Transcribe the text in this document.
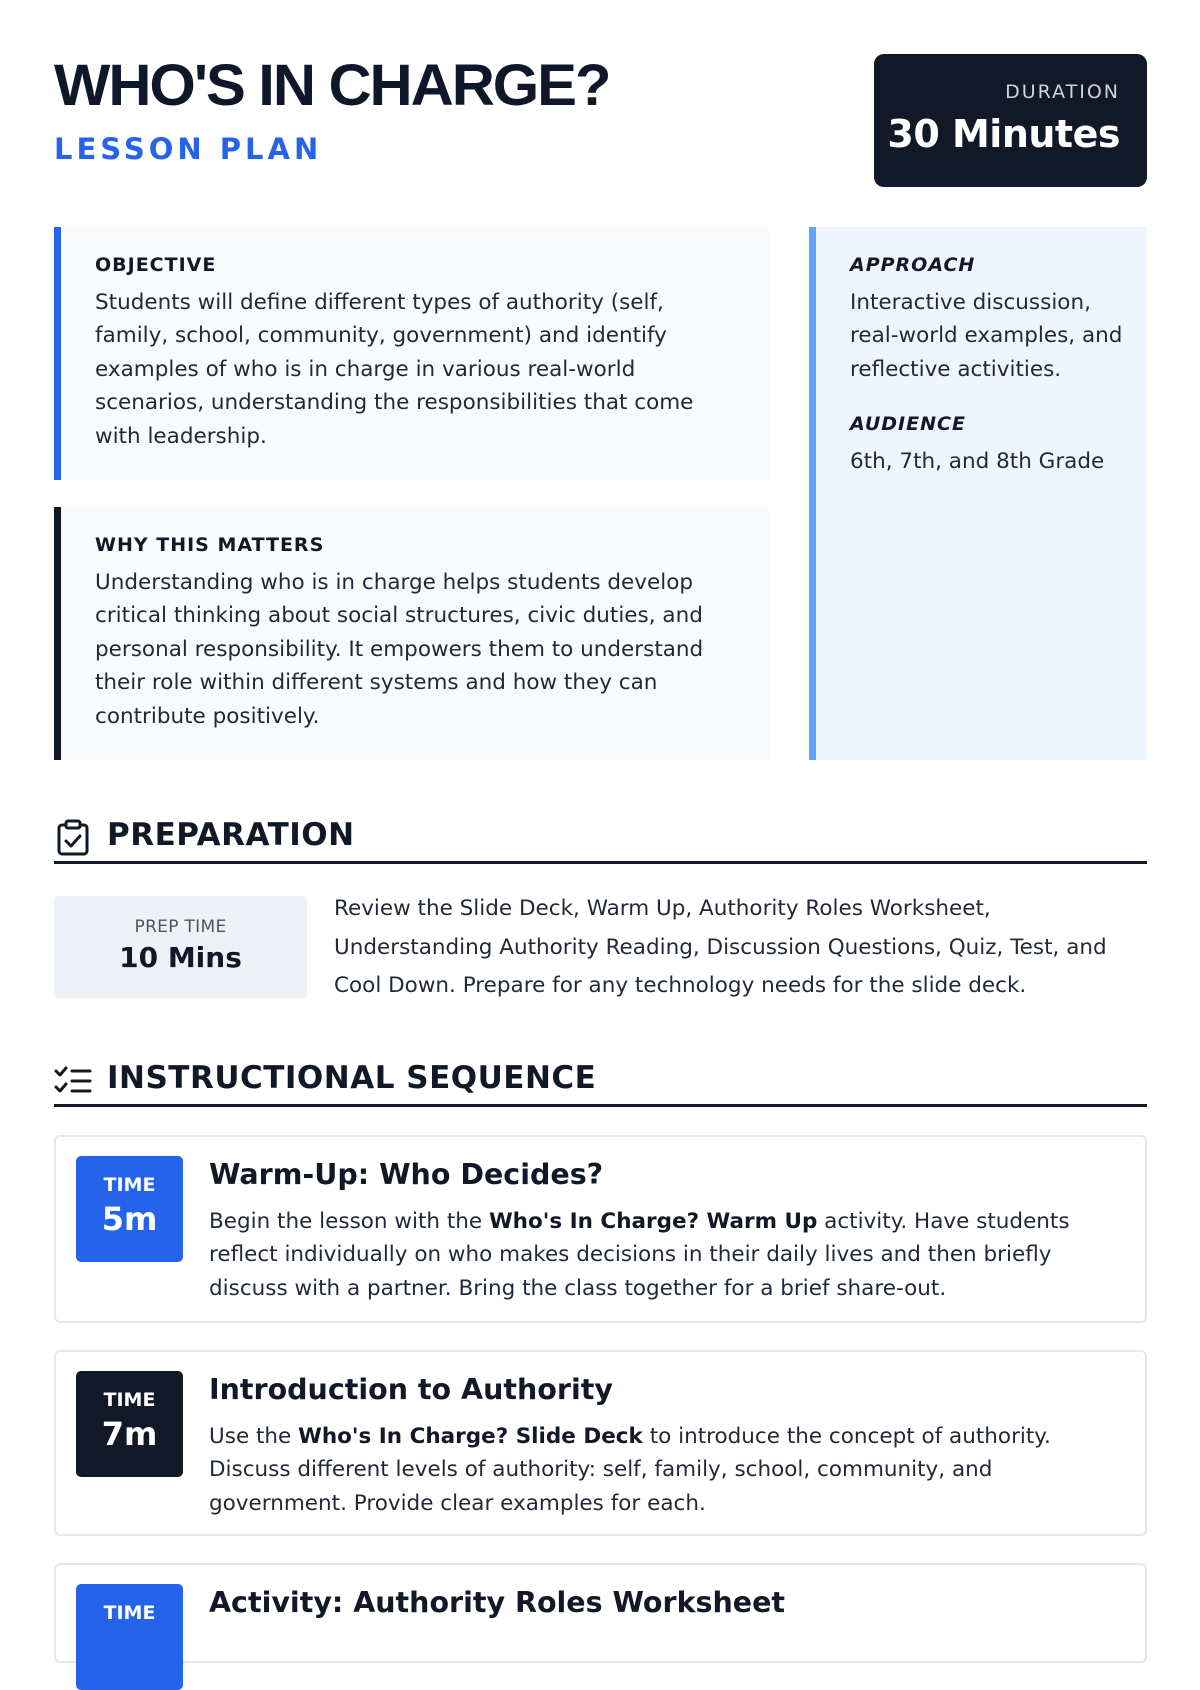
WHO'S IN CHARGE?
LESSON PLAN
DURATION
30 Minutes
OBJECTIVE
Students will define different types of authority (self, family, school, community, government) and identify examples of who is in charge in various real-world scenarios, understanding the responsibilities that come with leadership.
WHY THIS MATTERS
Understanding who is in charge helps students develop critical thinking about social structures, civic duties, and personal responsibility. It empowers them to understand their role within different systems and how they can contribute positively.
APPROACH
Interactive discussion, real-world examples, and reflective activities.
AUDIENCE
6th, 7th, and 8th Grade
PREPARATION
PREP TIME
10 Mins
Review the Slide Deck, Warm Up, Authority Roles Worksheet, Understanding Authority Reading, Discussion Questions, Quiz, Test, and Cool Down. Prepare for any technology needs for the slide deck.
INSTRUCTIONAL SEQUENCE
TIME
5m
Warm-Up: Who Decides?
Begin the lesson with the Who's In Charge? Warm Up activity. Have students reflect individually on who makes decisions in their daily lives and then briefly discuss with a partner. Bring the class together for a brief share-out.
TIME
7m
Introduction to Authority
Use the Who's In Charge? Slide Deck to introduce the concept of authority. Discuss different levels of authority: self, family, school, community, and government. Provide clear examples for each.
TIME	Activity: Authority Roles Worksheet
